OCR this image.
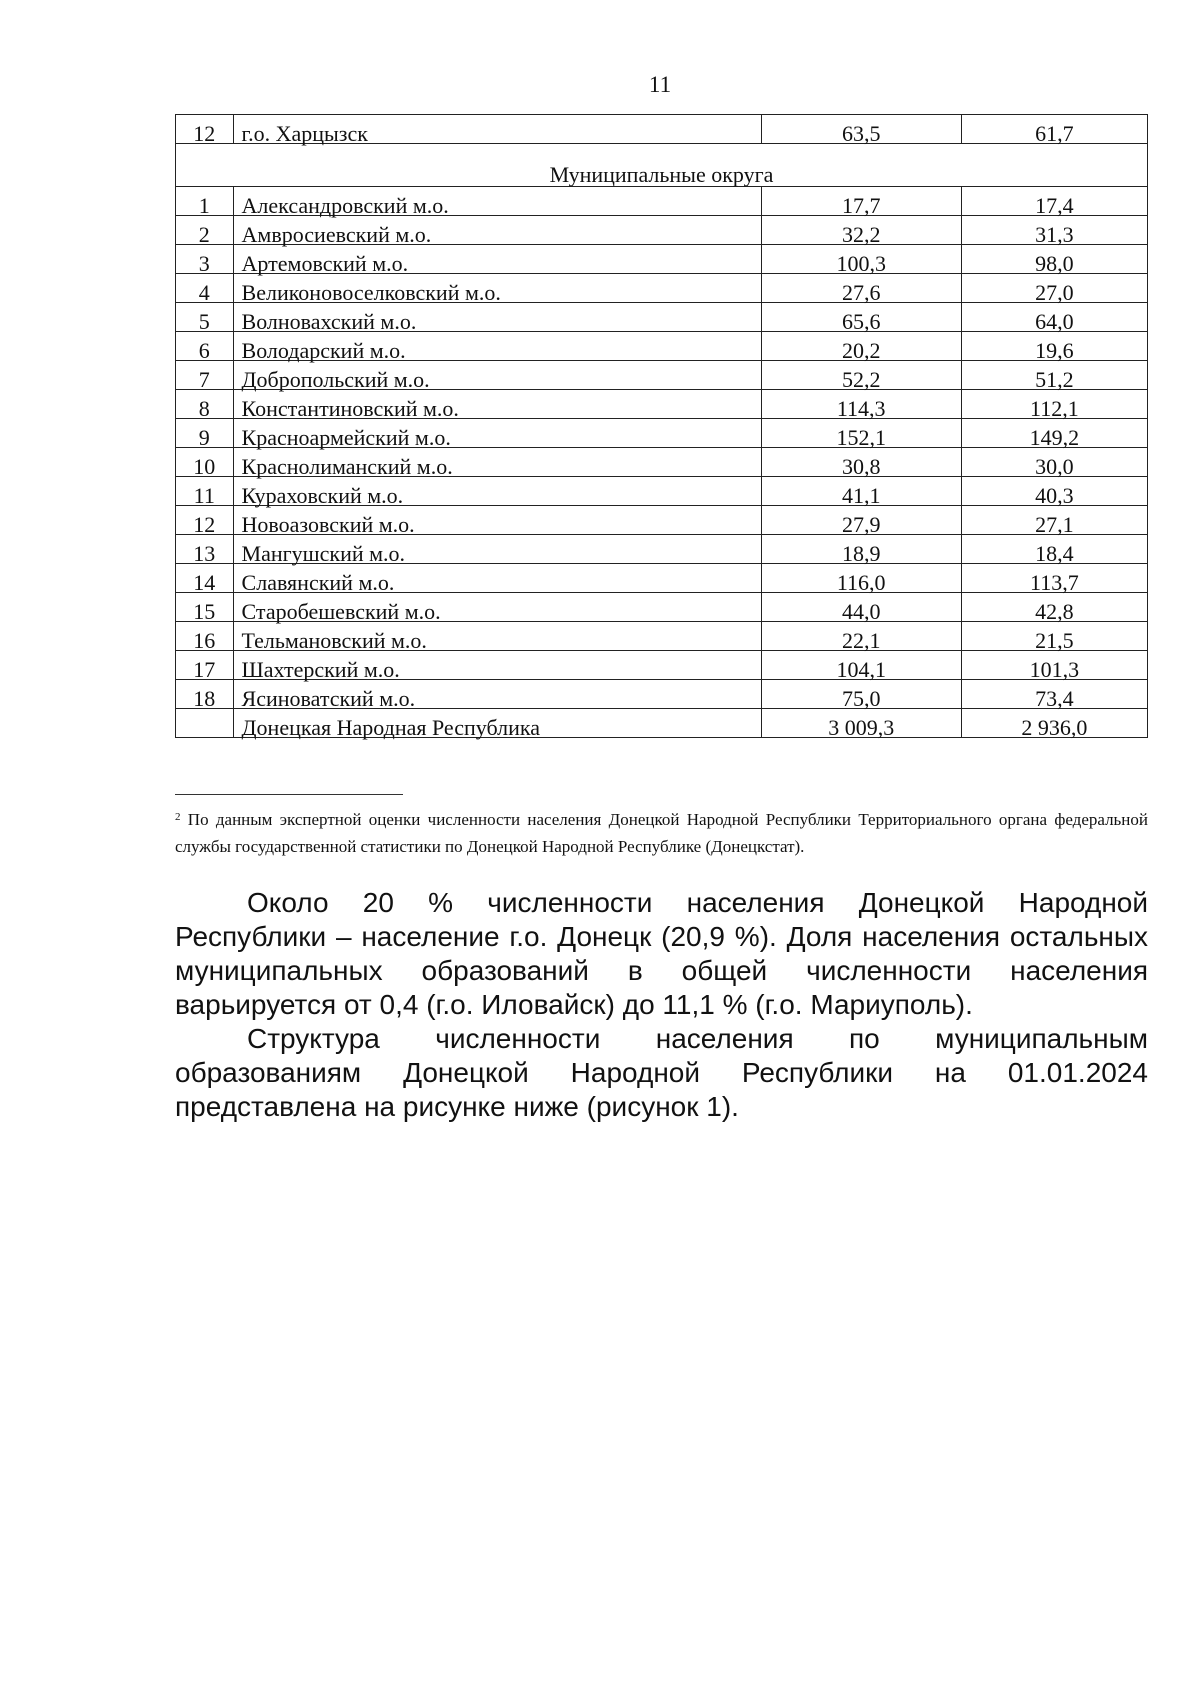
11
12	г.о. Харцызск	63,5	61,7
Муниципальные округа			
1	Александровский м.о.	17,7	17,4
2	Амвросиевский м.о.	32,2	31,3
3	Артемовский м.о.	100,3	98,0
4	Великоновоселковский м.о.	27,6	27,0
5	Волновахский м.о.	65,6	64,0
6	Володарский м.о.	20,2	19,6
7	Добропольский м.о.	52,2	51,2
8	Константиновский м.о.	114,3	112,1
9	Красноармейский м.о.	152,1	149,2
10	Краснолиманский м.о.	30,8	30,0
11	Кураховский м.о.	41,1	40,3
12	Новоазовский м.о.	27,9	27,1
13	Мангушский м.о.	18,9	18,4
14	Славянский м.о.	116,0	113,7
15	Старобешевский м.о.	44,0	42,8
16	Тельмановский м.о.	22,1	21,5
17	Шахтерский м.о.	104,1	101,3
18	Ясиноватский м.о.	75,0	73,4
	Донецкая Народная Республика	3 009,3	2 936,0
$^2$ По данным экспертной оценки численности населения Донецкой Народной Республики Территориального органа федеральной службы государственной статистики по Донецкой Народной Республике (Донецкстат).

Около 20 % численности населения Донецкой Народной Республики – население г.о. Донецк (20,9 %). Доля населения остальных муниципальных образований в общей численности населения варьируется от 0,4 (г.о. Иловайск) до 11,1 % (г.о. Мариуполь).

Структура численности населения по муниципальным образованиям Донецкой Народной Республики на 01.01.2024 представлена на рисунке ниже (рисунок 1).
